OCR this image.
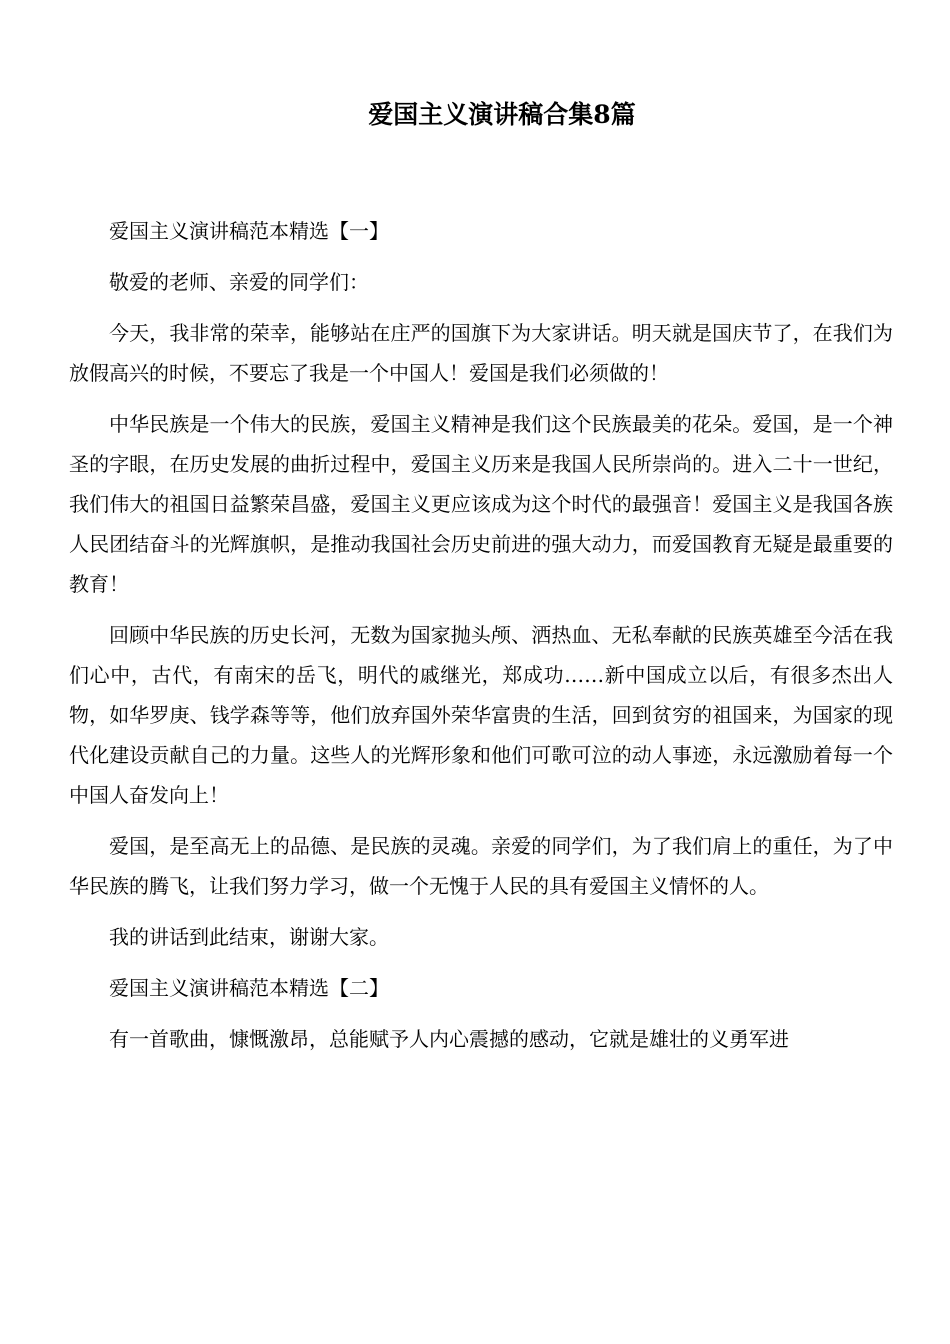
爱国主义演讲稿合集8篇

爱国主义演讲稿范本精选【一】

敬爱的老师、亲爱的同学们：

今天，我非常的荣幸，能够站在庄严的国旗下为大家讲话。明天就是国庆节了，在我们为放假高兴的时候，不要忘了我是一个中国人！爱国是我们必须做的！

中华民族是一个伟大的民族，爱国主义精神是我们这个民族最美的花朵。爱国，是一个神圣的字眼，在历史发展的曲折过程中，爱国主义历来是我国人民所崇尚的。进入二十一世纪，我们伟大的祖国日益繁荣昌盛，爱国主义更应该成为这个时代的最强音！爱国主义是我国各族人民团结奋斗的光辉旗帜，是推动我国社会历史前进的强大动力，而爱国教育无疑是最重要的教育！

回顾中华民族的历史长河，无数为国家抛头颅、洒热血、无私奉献的民族英雄至今活在我们心中，古代，有南宋的岳飞，明代的戚继光，郑成功……新中国成立以后，有很多杰出人物，如华罗庚、钱学森等等，他们放弃国外荣华富贵的生活，回到贫穷的祖国来，为国家的现代化建设贡献自己的力量。这些人的光辉形象和他们可歌可泣的动人事迹，永远激励着每一个中国人奋发向上！

爱国，是至高无上的品德、是民族的灵魂。亲爱的同学们，为了我们肩上的重任，为了中华民族的腾飞，让我们努力学习，做一个无愧于人民的具有爱国主义情怀的人。

我的讲话到此结束，谢谢大家。

爱国主义演讲稿范本精选【二】

有一首歌曲，慷慨激昂，总能赋予人内心震撼的感动，它就是雄壮的义勇军进
